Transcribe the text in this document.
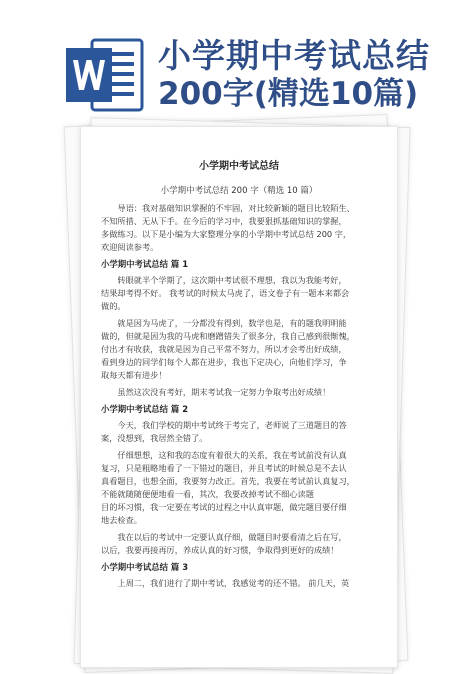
小学期中考试总结
200字(精选10篇)
小学期中考试总结
小学期中考试总结 200 字（精选 10 篇）

导语：我对基础知识掌握的不牢固，对比较新颖的题目比较陌生、
不知所措、无从下手。在今后的学习中，我要狠抓基础知识的掌握，
多做练习。以下是小编为大家整理分享的小学期中考试总结 200 字，
欢迎阅读参考。

小学期中考试总结 篇 1

转眼就半个学期了，这次期中考试很不理想，我以为我能考好，
结果却考得不好。 我考试的时候太马虎了，语文卷子有一题本来都会
做的。

就是因为马虎了，一分都没有得到，数学也是，有的题我明明能
做的，但就是因为我的马虎和磨蹭错失了很多分，我自己感到很惭愧，
付出才有收获，我就是因为自己平常不努力，所以才会考出好成绩，
看到身边的同学们每个人都在进步，我也下定决心，向他们学习，争
取每天都有进步！

虽然这次没有考好，期末考试我一定努力争取考出好成绩！

小学期中考试总结 篇 2

今天，我们学校的期中考试终于考完了，老师说了三道题目的答
案，没想到，我居然全错了。

仔细想想，这和我的态度有着很大的关系，我在考试前没有认真
复习，只是粗略地看了一下错过的题目，并且考试的时候总是不去认
真看题目，也想全面，我要努力改正。首先，我要在考试前认真复习，
不能就随随便便地看一看，其次，我要改掉考试不细心读题
目的坏习惯，我一定要在考试的过程之中认真审题，做完题目要仔细
地去检查。

我在以后的考试中一定要认真仔细，做题目时要看清之后在写，
以后，我要再接再厉，养成认真的好习惯，争取得到更好的成绩！

小学期中考试总结 篇 3

上周二，我们进行了期中考试，我感觉考的还不错。 前几天，英
